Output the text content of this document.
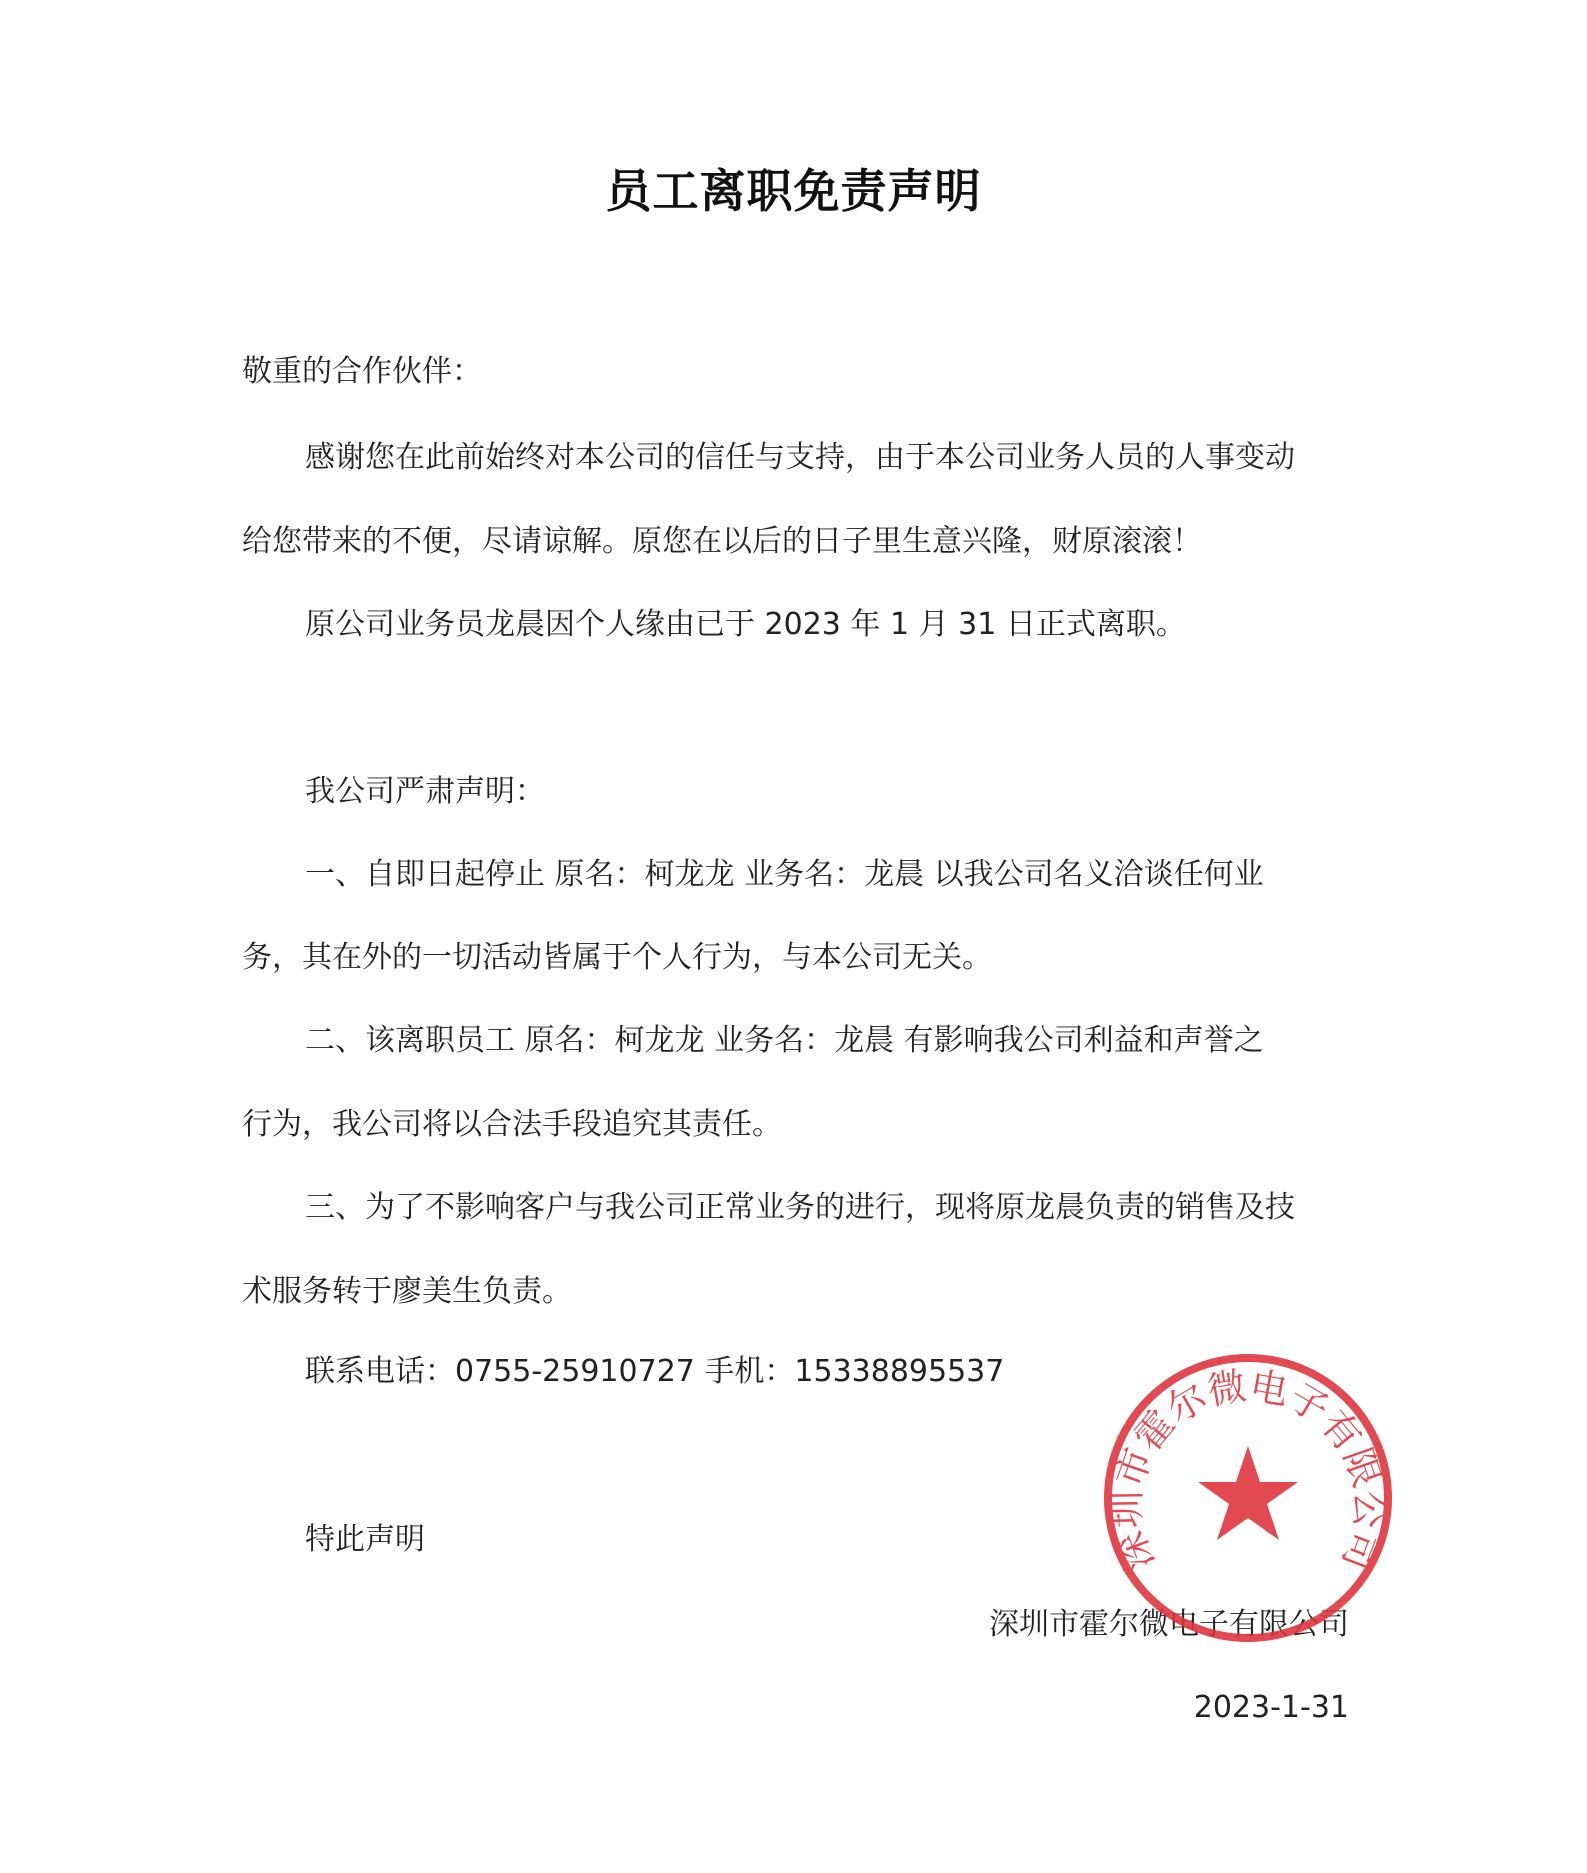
员工离职免责声明
敬重的合作伙伴：
感谢您在此前始终对本公司的信任与支持，由于本公司业务人员的人事变动
给您带来的不便，尽请谅解。原您在以后的日子里生意兴隆，财原滚滚！
原公司业务员龙晨因个人缘由已于 2023 年 1 月 31 日正式离职。
我公司严肃声明：
一、自即日起停止 原名：柯龙龙 业务名：龙晨 以我公司名义洽谈任何业
务，其在外的一切活动皆属于个人行为，与本公司无关。
二、该离职员工 原名：柯龙龙 业务名：龙晨 有影响我公司利益和声誉之
行为，我公司将以合法手段追究其责任。
三、为了不影响客户与我公司正常业务的进行，现将原龙晨负责的销售及技
术服务转于廖美生负责。
联系电话：0755-25910727 手机：15338895537
特此声明
深圳市霍尔微电子有限公司
2023-1-31
深圳市霍尔微电子有限公司
